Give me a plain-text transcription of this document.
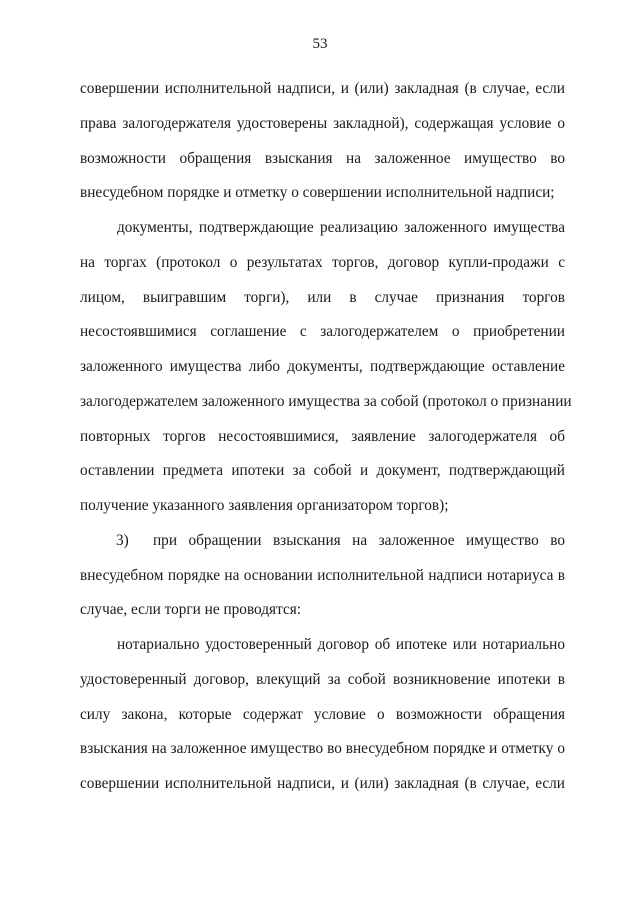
53
совершении исполнительной надписи, и (или) закладная (в случае, если
права залогодержателя удостоверены закладной), содержащая условие о
возможности обращения взыскания на заложенное имущество во
внесудебном порядке и отметку о совершении исполнительной надписи;
документы, подтверждающие реализацию заложенного имущества
на торгах (протокол о результатах торгов, договор купли-продажи с
лицом, выигравшим торги), или в случае признания торгов
несостоявшимися соглашение с залогодержателем о приобретении
заложенного имущества либо документы, подтверждающие оставление
залогодержателем заложенного имущества за собой (протокол о признании
повторных торгов несостоявшимися, заявление залогодержателя об
оставлении предмета ипотеки за собой и документ, подтверждающий
получение указанного заявления организатором торгов);
3) при обращении взыскания на заложенное имущество во
внесудебном порядке на основании исполнительной надписи нотариуса в
случае, если торги не проводятся:
нотариально удостоверенный договор об ипотеке или нотариально
удостоверенный договор, влекущий за собой возникновение ипотеки в
силу закона, которые содержат условие о возможности обращения
взыскания на заложенное имущество во внесудебном порядке и отметку о
совершении исполнительной надписи, и (или) закладная (в случае, если
